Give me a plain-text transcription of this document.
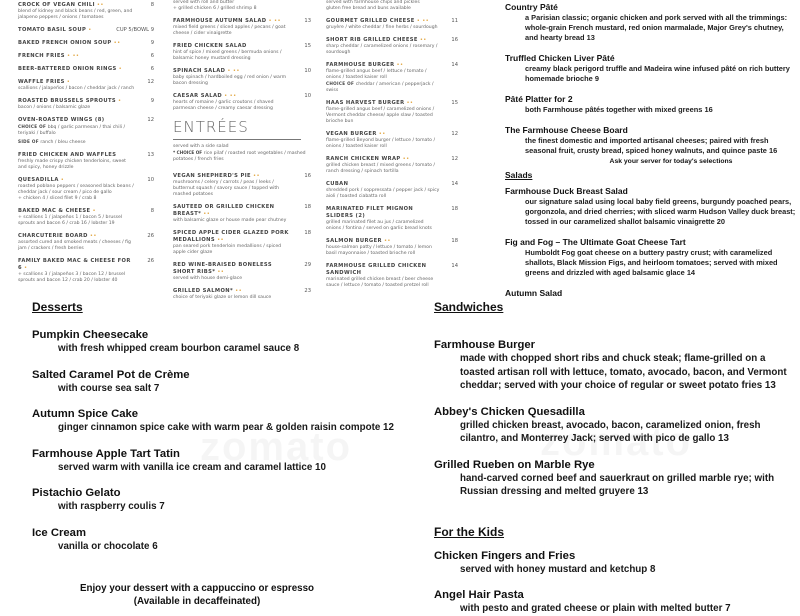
CROCK OF VEGAN CHILI ••	8
blend of kidney and black beans / red, green, and jalapeno peppers / onions / tomatoes
TOMATO BASIL SOUP •	CUP 5/BOWL 9
BAKED FRENCH ONION SOUP ••	9
FRENCH FRIES • ••	6
BEER-BATTERED ONION RINGS •	6
WAFFLE FRIES •	12
scallions / jalapeños / bacon / cheddar jack / ranch
ROASTED BRUSSELS SPROUTS •	9
bacon / onions / balsamic glaze
OVEN-ROASTED WINGS (8)	12
CHOICE OF bbq / garlic parmesan / thai chili / teriyaki / buffalo
SIDE OF ranch / bleu cheese
FRIED CHICKEN AND WAFFLES	13
freshly made crispy chicken tenderloins, sweet and spicy, honey drizzle
QUESADILLA •	10
roasted poblano peppers / seasoned black beans / cheddar jack / sour cream / pico de gallo
+ chicken 4 / sliced filet 9 / crab 8
BAKED MAC & CHEESE •	8
+ scallions 1 / jalapeños 1 / bacon 5 / brussel sprouts and bacon 6 / crab 16 / lobster 19
CHARCUTERIE BOARD ••	26
assorted cured and smoked meats / cheeses / fig jam / crackers / fresh berries
FAMILY BAKED MAC & CHEESE FOR 6 •
26
+ scallions 3 / jalapeños 3 / bacon 12 / brussel sprouts and bacon 12 / crab 20 / lobster 40
served with roll and butter
+ grilled chicken 6 / grilled shrimp 8
FARMHOUSE AUTUMN SALAD • ••	13
mixed field greens / sliced apples / pecans / goat cheese / cider vinaigrette
FRIED CHICKEN SALAD	15
hint of spice / mixed greens / bermuda onions / balsamic honey mustard dressing
SPINACH SALAD • ••	10
baby spinach / hardboiled egg / red onion / warm bacon dressing
CAESAR SALAD • ••	10
hearts of romaine / garlic croutons / shaved parmesan cheese / creamy caesar dressing
ENTRÉES
served with a side salad
* CHOICE OF rice pilaf / roasted root vegetables / mashed potatoes / french fries
VEGAN SHEPHERD'S PIE ••	16
mushrooms / celery / carrots / peas / leeks / butternut squash / savory sauce / topped with mashed potatoes
SAUTEED OR GRILLED CHICKEN BREAST* ••
18
with balsamic glaze or house made pear chutney
SPICED APPLE CIDER GLAZED PORK MEDALLIONS ••
18
pan seared pork tenderloin medallions / spiced apple cider glaze
RED WINE-BRAISED BONELESS SHORT RIBS* ••
29
served with house demi-glace
GRILLED SALMON* ••	23
choice of teriyaki glaze or lemon dill sauce
served with farmhouse chips and pickles
gluten free bread and buns available
GOURMET GRILLED CHEESE • ••	11
gruyère / white cheddar / fine herbs / sourdough
SHORT RIB GRILLED CHEESE ••	16
sharp cheddar / caramelized onions / rosemary / sourdough
FARMHOUSE BURGER ••	14
flame-grilled angus beef / lettuce / tomato / onions / toasted kaiser roll
CHOICE OF cheddar / american / pepperjack / swiss
HAAS HARVEST BURGER ••	15
flame-grilled angus beef / caramelized onions / Vermont cheddar cheese/ apple slaw / toasted brioche bun
VEGAN BURGER ••	12
flame-grilled Beyond burger / lettuce / tomato / onions / toasted kaiser roll
RANCH CHICKEN WRAP ••	12
grilled chicken breast / mixed greens / tomato / ranch dressing / spinach tortilla
CUBAN	14
shredded pork / soppressata / pepper jack / spicy aioli / toasted ciabatta roll
MARINATED FILET MIGNON SLIDERS (2)
18
grilled marinated filet au jus / caramelized onions / fontina / served on garlic bread knots
SALMON BURGER ••	18
house-salmon patty / lettuce / tomato / lemon basil mayonnaise / toasted brioche roll
FARMHOUSE GRILLED CHICKEN SANDWICH
14
marinated grilled chicken breast / beer cheese sauce / lettuce / tomato / toasted pretzel roll
Country Pâté
a Parisian classic; organic chicken and pork served with all the trimmings: whole-grain French mustard, red onion marmalade, Major Grey's chutney, and hearty bread 13
Truffled Chicken Liver Pâté
creamy black perigord truffle and Madeira wine infused pâté on rich buttery homemade brioche 9
Pâté Platter for 2
both Farmhouse pâtés together with mixed greens 16
The Farmhouse Cheese Board
the finest domestic and imported artisanal cheeses; paired with fresh seasonal fruit, crusty bread, spiced honey walnuts, and quince paste 16
Ask your server for today's selections
Salads
Farmhouse Duck Breast Salad
our signature salad using local baby field greens, burgundy poached pears, gorgonzola, and dried cherries; with sliced warm Hudson Valley duck breast; tossed in our caramelized shallot balsamic vinaigrette 20
Fig and Fog – The Ultimate Goat Cheese Tart
Humboldt Fog goat cheese on a buttery pastry crust; with caramelized shallots, Black Mission Figs, and heirloom tomatoes; served with mixed greens and drizzled with aged balsamic glace 14
Autumn Salad
Desserts
Pumpkin Cheesecake
with fresh whipped cream bourbon caramel sauce 8
Salted Caramel Pot de Crème
with course sea salt 7
Autumn Spice Cake
ginger cinnamon spice cake with warm pear & golden raisin compote 12
Farmhouse Apple Tart Tatin
served warm with vanilla ice cream and caramel lattice 10
Pistachio Gelato
with raspberry coulis 7
Ice Cream
vanilla or chocolate 6
Enjoy your dessert with a cappuccino or espresso
(Available in decaffeinated)
Sandwiches
Farmhouse Burger
made with chopped short ribs and chuck steak; flame-grilled on a toasted artisan roll with lettuce, tomato, avocado, bacon, and Vermont cheddar; served with your choice of regular or sweet potato fries 13
Abbey's Chicken Quesadilla
grilled chicken breast, avocado, bacon, caramelized onion, fresh cilantro, and Monterrey Jack; served with pico de gallo 13
Grilled Rueben on Marble Rye
hand-carved corned beef and sauerkraut on grilled marble rye; with Russian dressing and melted gruyere 13
For the Kids
Chicken Fingers and Fries
served with honey mustard and ketchup 8
Angel Hair Pasta
with pesto and grated cheese or plain with melted butter 7
